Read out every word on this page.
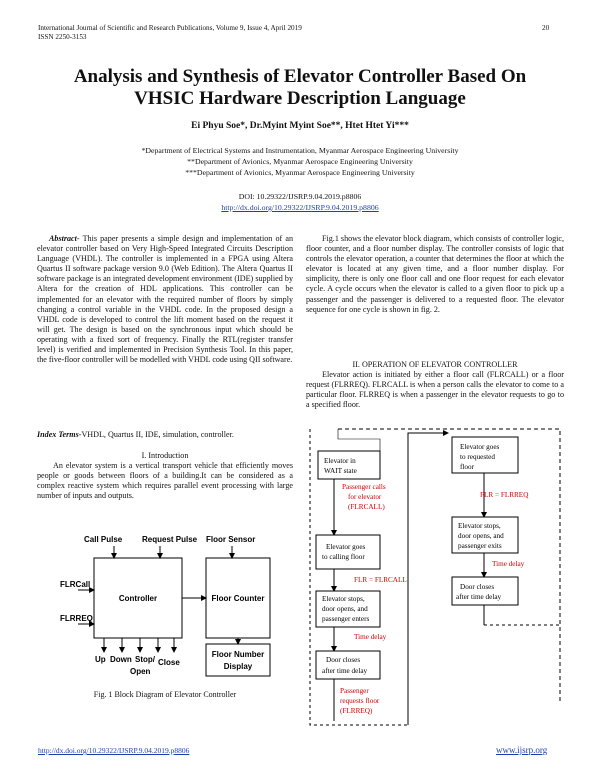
International Journal of Scientific and Research Publications, Volume 9, Issue 4, April 2019	20
ISSN 2250-3153
Analysis and Synthesis of Elevator Controller Based On
VHSIC Hardware Description Language
Ei Phyu Soe*, Dr.Myint Myint Soe**, Htet Htet Yi***
*Department of Electrical Systems and Instrumentation, Myanmar Aerospace Engineering University
**Department of Avionics, Myanmar Aerospace Engineering University
***Department of Avionics, Myanmar Aerospace Engineering University
DOI: 10.29322/IJSRP.9.04.2019.p8806
http://dx.doi.org/10.29322/IJSRP.9.04.2019.p8806
Abstract- This paper presents a simple design and implementation of an elevator controller based on Very High-Speed Integrated Circuits Description Language (VHDL). The controller is implemented in a FPGA using Altera Quartus II software package version 9.0 (Web Edition). The Altera Quartus II software package is an integrated development environment (IDE) supplied by Altera for the creation of HDL applications. This controller can be implemented for an elevator with the required number of floors by simply changing a control variable in the VHDL code. In the proposed design a VHDL code is developed to control the lift moment based on the request it will get. The design is based on the synchronous input which should be operating with a fixed sort of frequency. Finally the RTL(register transfer level) is verified and implemented in Precision Synthesis Tool. In this paper, the five-floor controller will be modelled with VHDL code using QII software.
Index Terms-VHDL, Quartus II, IDE, simulation, controller.
I. Introduction
An elevator system is a vertical transport vehicle that efficiently moves people or goods between floors of a building.It can be considered as a complex reactive system which requires parallel event processing with large number of inputs and outputs.
Call Pulse Request Pulse Floor Sensor
Controller	Floor Counter
Floor Number
Display
FLRCall
FLRREQ
Up Down Stop/ Close
Open
Fig. 1 Block Diagram of Elevator Controller
Fig.1 shows the elevator block diagram, which consists of controller logic, floor counter, and a floor number display. The controller consists of logic that controls the elevator operation, a counter that determines the floor at which the elevator is located at any given time, and a floor number display. For simplicity, there is only one floor call and one floor request for each elevator cycle. A cycle occurs when the elevator is called to a given floor to pick up a passenger and the passenger is delivered to a requested floor. The elevator sequence for one cycle is shown in fig. 2.
II. OPERATION OF ELEVATOR CONTROLLER
Elevator action is initiated by either a floor call (FLRCALL) or a floor request (FLRREQ). FLRCALL is when a person calls the elevator to come to a particular floor. FLRREQ is when a passenger in the elevator requests to go to a specified floor.
Elevator in
WAIT state
Passenger calls
for elevator
(FLRCALL)
Elevator goes
to calling floor
FLR = FLRCALL
Elevator stops,
door opens, and
passenger enters
Time delay
Door closes
after time delay
Passenger
requests floor
(FLRREQ)
Elevator goes
to requested
floor
FLR = FLRREQ
Elevator stops,
door opens, and
passenger exits
Time delay
Door closes
after time delay
http://dx.doi.org/10.29322/IJSRP.9.04.2019.p8806	www.ijsrp.org
